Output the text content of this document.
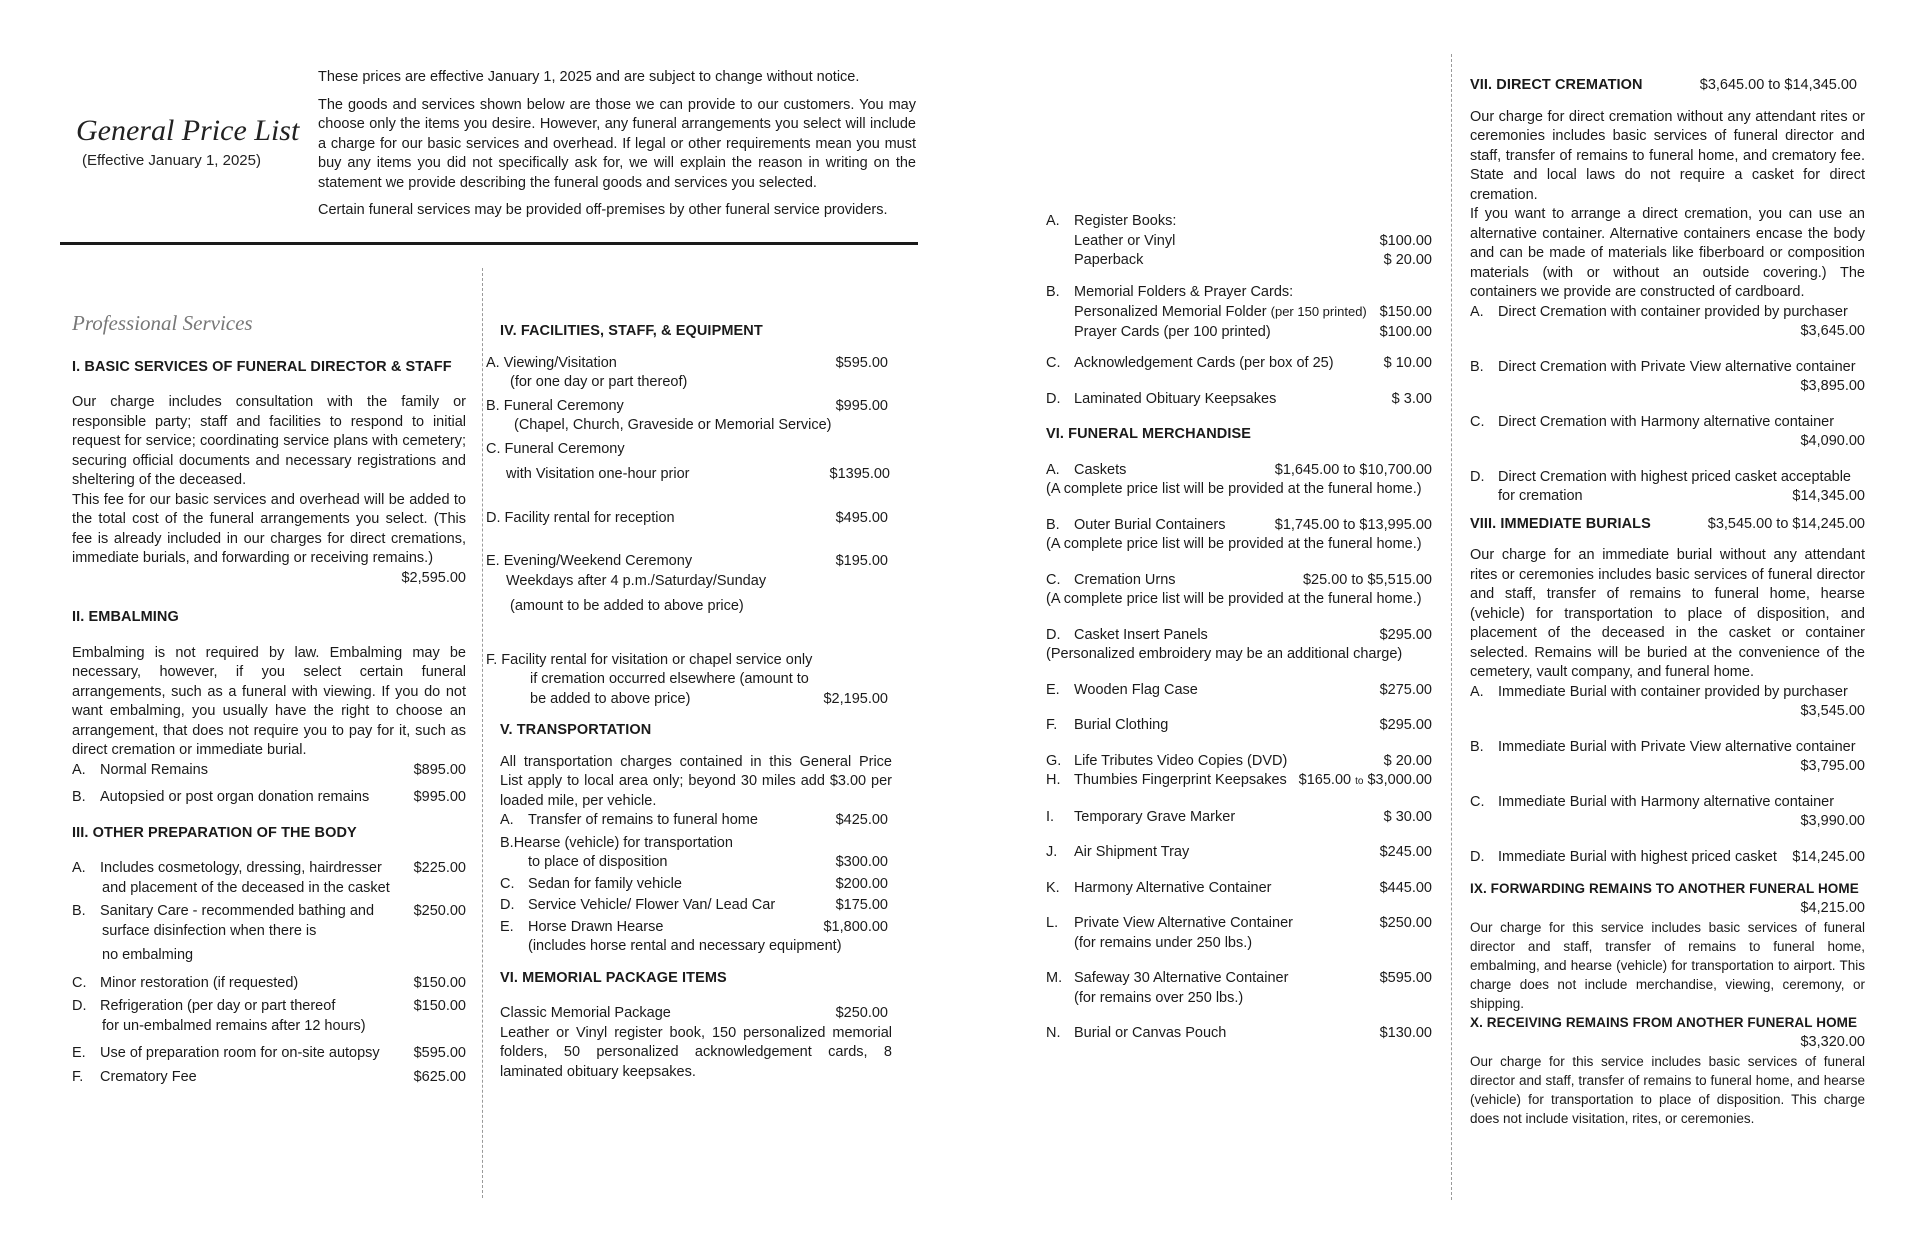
General Price List
(Effective January 1, 2025)

These prices are effective January 1, 2025 and are subject to change without notice.

The goods and services shown below are those we can provide to our customers. You may choose only the items you desire. However, any funeral arrangements you select will include a charge for our basic services and overhead. If legal or other requirements mean you must buy any items you did not specifically ask for, we will explain the reason in writing on the statement we provide describing the funeral goods and services you selected.

Certain funeral services may be provided off-premises by other funeral service providers.

Professional Services
I. BASIC SERVICES OF FUNERAL DIRECTOR & STAFF

Our charge includes consultation with the family or responsible party; staff and facilities to respond to initial request for service; coordinating service plans with cemetery; securing official documents and necessary registrations and sheltering of the deceased.

This fee for our basic services and overhead will be added to the total cost of the funeral arrangements you select. (This fee is already included in our charges for direct cremations, immediate burials, and forwarding or receiving remains.)

$2,595.00
II. EMBALMING

Embalming is not required by law. Embalming may be necessary, however, if you select certain funeral arrangements, such as a funeral with viewing. If you do not want embalming, you usually have the right to choose an arrangement, that does not require you to pay for it, such as direct cremation or immediate burial.

A. Normal Remains	$895.00
B. Autopsied or post organ donation remains	$995.00
III. OTHER PREPARATION OF THE BODY
A. Includes cosmetology, dressing, hairdresser $225.00
and placement of the deceased in the casket
B. Sanitary Care - recommended bathing and	$250.00
surface disinfection when there is
no embalming
C. Minor restoration (if requested)	$150.00
D. Refrigeration (per day or part thereof	$150.00
for un-embalmed remains after 12 hours)
E. Use of preparation room for on-site autopsy $595.00
F.	Crematory Fee	$625.00
IV. FACILITIES, STAFF, & EQUIPMENT
A. Viewing/Visitation	$595.00
(for one day or part thereof)
B. Funeral Ceremony	$995.00
(Chapel, Church, Graveside or Memorial Service)
C. Funeral Ceremony
with Visitation one-hour prior	$1395.00
D. Facility rental for reception	$495.00
E. Evening/Weekend Ceremony	$195.00
Weekdays after 4 p.m./Saturday/Sunday
(amount to be added to above price)
F. Facility rental for visitation or chapel service only
if cremation occurred elsewhere (amount to
be added to above price)	$2,195.00
V. TRANSPORTATION

All transportation charges contained in this General Price List apply to local area only; beyond 30 miles add $3.00 per loaded mile, per vehicle.

A. Transfer of remains to funeral home	$425.00
B.Hearse (vehicle) for transportation
to place of disposition	$300.00
C. Sedan for family vehicle	$200.00
D. Service Vehicle/ Flower Van/ Lead Car	$175.00
E. Horse Drawn Hearse	$1,800.00
(includes horse rental and necessary equipment)
VI. MEMORIAL PACKAGE ITEMS
Classic Memorial Package	$250.00

Leather or Vinyl register book, 150 personalized memorial folders, 50 personalized acknowledgement cards, 8 laminated obituary keepsakes.

A. Register Books:
Leather or Vinyl	$100.00
Paperback	$ 20.00
B. Memorial Folders & Prayer Cards:
Personalized Memorial Folder (per 150 printed) $150.00
Prayer Cards (per 100 printed)	$100.00
C. Acknowledgement Cards (per box of 25)	$ 10.00
D. Laminated Obituary Keepsakes	$ 3.00
VI. FUNERAL MERCHANDISE
A. Caskets	$1,645.00 to $10,700.00
(A complete price list will be provided at the funeral home.)
B. Outer Burial Containers	$1,745.00 to $13,995.00
(A complete price list will be provided at the funeral home.)
C. Cremation Urns	$25.00 to $5,515.00
(A complete price list will be provided at the funeral home.)
D. Casket Insert Panels	$295.00
(Personalized embroidery may be an additional charge)
E. Wooden Flag Case	$275.00
F.	Burial Clothing	$295.00
G. Life Tributes Video Copies (DVD)	$ 20.00
H. Thumbies Fingerprint Keepsakes $165.00 to $3,000.00
I.	Temporary Grave Marker	$ 30.00
J.	Air Shipment Tray	$245.00
K. Harmony Alternative Container	$445.00
L.	Private View Alternative Container	$250.00
(for remains under 250 lbs.)
M. Safeway 30 Alternative Container	$595.00
(for remains over 250 lbs.)
N. Burial or Canvas Pouch	$130.00
VII. DIRECT CREMATION	$3,645.00 to $14,345.00

Our charge for direct cremation without any attendant rites or ceremonies includes basic services of funeral director and staff, transfer of remains to funeral home, and crematory fee. State and local laws do not require a casket for direct cremation.

If you want to arrange a direct cremation, you can use an alternative container. Alternative containers encase the body and can be made of materials like fiberboard or composition materials (with or without an outside covering.) The containers we provide are constructed of cardboard.

A. Direct Cremation with container provided by purchaser
$3,645.00
B. Direct Cremation with Private View alternative container
$3,895.00
C. Direct Cremation with Harmony alternative container
$4,090.00
D. Direct Cremation with highest priced casket acceptable
for cremation	$14,345.00
VIII. IMMEDIATE BURIALS	$3,545.00 to $14,245.00

Our charge for an immediate burial without any attendant rites or ceremonies includes basic services of funeral director and staff, transfer of remains to funeral home, hearse (vehicle) for transportation to place of disposition, and placement of the deceased in the casket or container selected. Remains will be buried at the convenience of the cemetery, vault company, and funeral home.

A. Immediate Burial with container provided by purchaser
$3,545.00
B. Immediate Burial with Private View alternative container
$3,795.00
C. Immediate Burial with Harmony alternative container
$3,990.00
D. Immediate Burial with highest priced casket $14,245.00
IX. FORWARDING REMAINS TO ANOTHER FUNERAL HOME
$4,215.00

Our charge for this service includes basic services of funeral director and staff, transfer of remains to funeral home, embalming, and hearse (vehicle) for transportation to airport. This charge does not include merchandise, viewing, ceremony, or shipping.

X. RECEIVING REMAINS FROM ANOTHER FUNERAL HOME
$3,320.00

Our charge for this service includes basic services of funeral director and staff, transfer of remains to funeral home, and hearse (vehicle) for transportation to place of disposition. This charge does not include visitation, rites, or ceremonies.
